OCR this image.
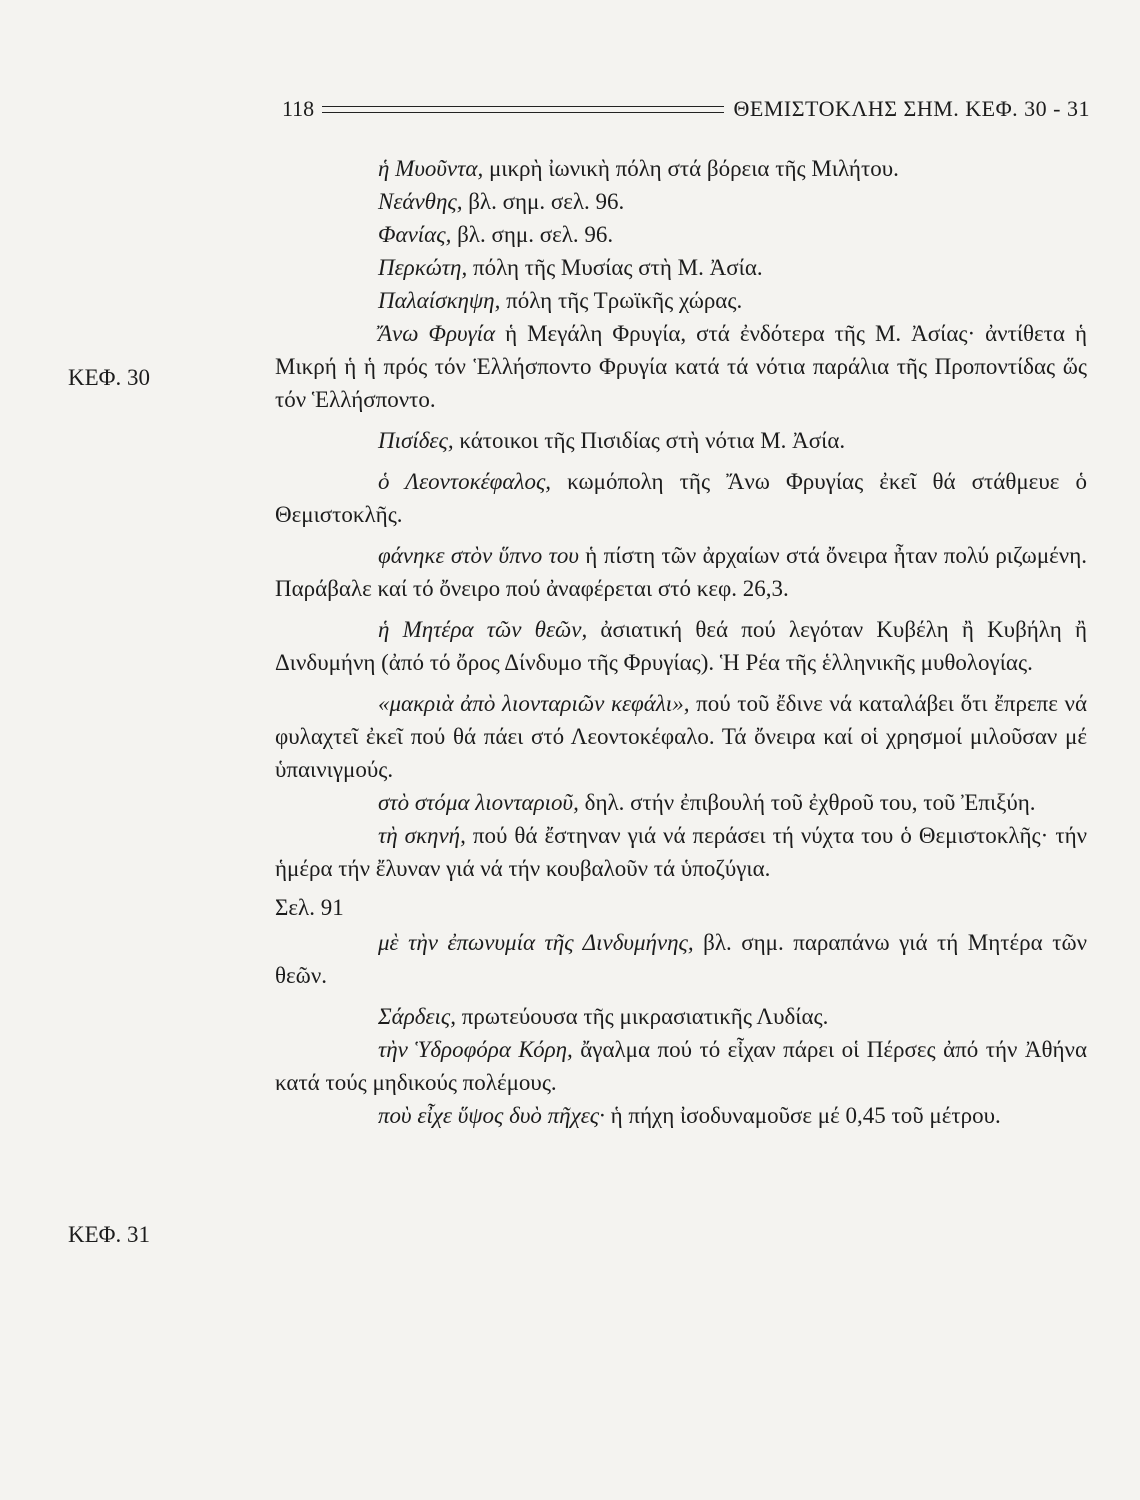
118	ΘΕΜΙΣΤΟΚΛΗΣ ΣΗΜ. ΚΕΦ. 30 - 31
ΚΕΦ. 30
ΚΕΦ. 31

ἡ Μυοῦντα, μικρὴ ἰωνικὴ πόλη στά βόρεια τῆς Μιλήτου.

Νεάνθης, βλ. σημ. σελ. 96.

Φανίας, βλ. σημ. σελ. 96.

Περκώτη, πόλη τῆς Μυσίας στὴ Μ. Ἀσία.

Παλαίσκηψη, πόλη τῆς Τρωϊκῆς χώρας.

Ἄνω Φρυγία ἡ Μεγάλη Φρυγία, στά ἐνδότερα τῆς Μ. Ἀσίας· ἀντίθετα ἡ Μικρή ἡ ἡ πρός τόν Ἑλλήσποντο Φρυγία κατά τά νότια παράλια τῆς Προποντίδας ὥς τόν Ἑλλήσποντο.

Πισίδες, κάτοικοι τῆς Πισιδίας στὴ νότια Μ. Ἀσία.

ὁ Λεοντοκέφαλος, κωμόπολη τῆς Ἄνω Φρυγίας ἐκεῖ θά στάθμευε ὁ Θεμιστοκλῆς.

φάνηκε στὸν ὕπνο του ἡ πίστη τῶν ἀρχαίων στά ὄνειρα ἦταν πολύ ριζωμένη. Παράβαλε καί τό ὄνειρο πού ἀναφέρεται στό κεφ. 26,3.

ἡ Μητέρα τῶν θεῶν, ἀσιατική θεά πού λεγόταν Κυβέλη ἢ Κυβήλη ἢ Δινδυμήνη (ἀπό τό ὄρος Δίνδυμο τῆς Φρυγίας). Ἡ Ρέα τῆς ἑλληνικῆς μυθολογίας.

«μακριὰ ἀπὸ λιονταριῶν κεφάλι», πού τοῦ ἔδινε νά καταλάβει ὅτι ἔπρεπε νά φυλαχτεῖ ἐκεῖ πού θά πάει στό Λεοντοκέφαλο. Τά ὄνειρα καί οἱ χρησμοί μιλοῦσαν μέ ὑπαινιγμούς.

στὸ στόμα λιονταριοῦ, δηλ. στήν ἐπιβουλή τοῦ ἐχθροῦ του, τοῦ Ἐπιξύη.

τὴ σκηνή, πού θά ἔστηναν γιά νά περάσει τή νύχτα του ὁ Θεμιστοκλῆς· τήν ἡμέρα τήν ἔλυναν γιά νά τήν κουβαλοῦν τά ὑποζύγια.

Σελ. 91

μὲ τὴν ἐπωνυμία τῆς Δινδυμήνης, βλ. σημ. παραπάνω γιά τή Μητέρα τῶν θεῶν.

Σάρδεις, πρωτεύουσα τῆς μικρασιατικῆς Λυδίας.

τὴν Ὑδροφόρα Κόρη, ἄγαλμα πού τό εἶχαν πάρει οἱ Πέρσες ἀπό τήν Ἀθήνα κατά τούς μηδικούς πολέμους.

ποὺ εἶχε ὕψος δυὸ πῆχες· ἡ πήχη ἰσοδυναμοῦσε μέ 0,45 τοῦ μέτρου.
